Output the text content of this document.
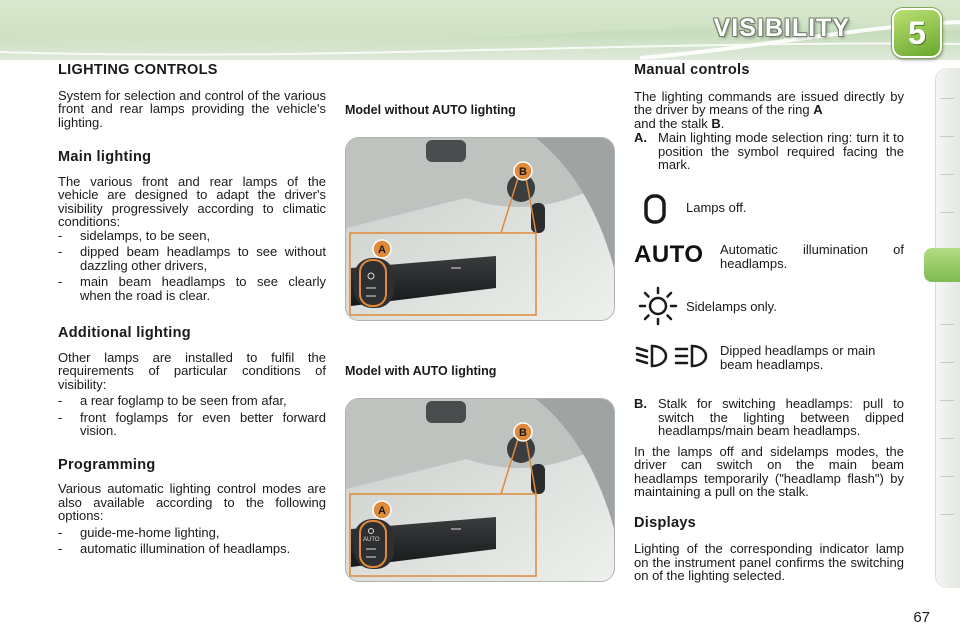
VISIBILITY	5
LIGHTING CONTROLS

System for selection and control of the various front and rear lamps providing the vehicle's lighting.

Main lighting

The various front and rear lamps of the vehicle are designed to adapt the driver's visibility progressively according to climatic conditions:

- sidelamps, to be seen,
- dipped beam headlamps to see without dazzling other drivers,
- main beam headlamps to see clearly when the road is clear.
Additional lighting

Other lamps are installed to fulfil the requirements of particular conditions of visibility:

- a rear foglamp to be seen from afar,
- front foglamps for even better forward vision.
Programming

Various automatic lighting control modes are also available according to the following options:

- guide-me-home lighting,
- automatic illumination of headlamps.
Model without AUTO lighting
A
B
Model with AUTO lighting
A
B
AUTO
Manual controls

The lighting commands are issued directly by the driver by means of the ring A
and the stalk B.

A. Main lighting mode selection ring: turn it to position the symbol required facing the mark.
Lamps off.
AUTO Automatic illumination of headlamps.
Sidelamps only.
Dipped headlamps or main beam headlamps.
B. Stalk for switching headlamps: pull to switch the lighting between dipped headlamps/main beam headlamps.

In the lamps off and sidelamps modes, the driver can switch on the main beam headlamps temporarily ("headlamp flash") by maintaining a pull on the stalk.

Displays

Lighting of the corresponding indicator lamp on the instrument panel confirms the switching on of the lighting selected.

67
